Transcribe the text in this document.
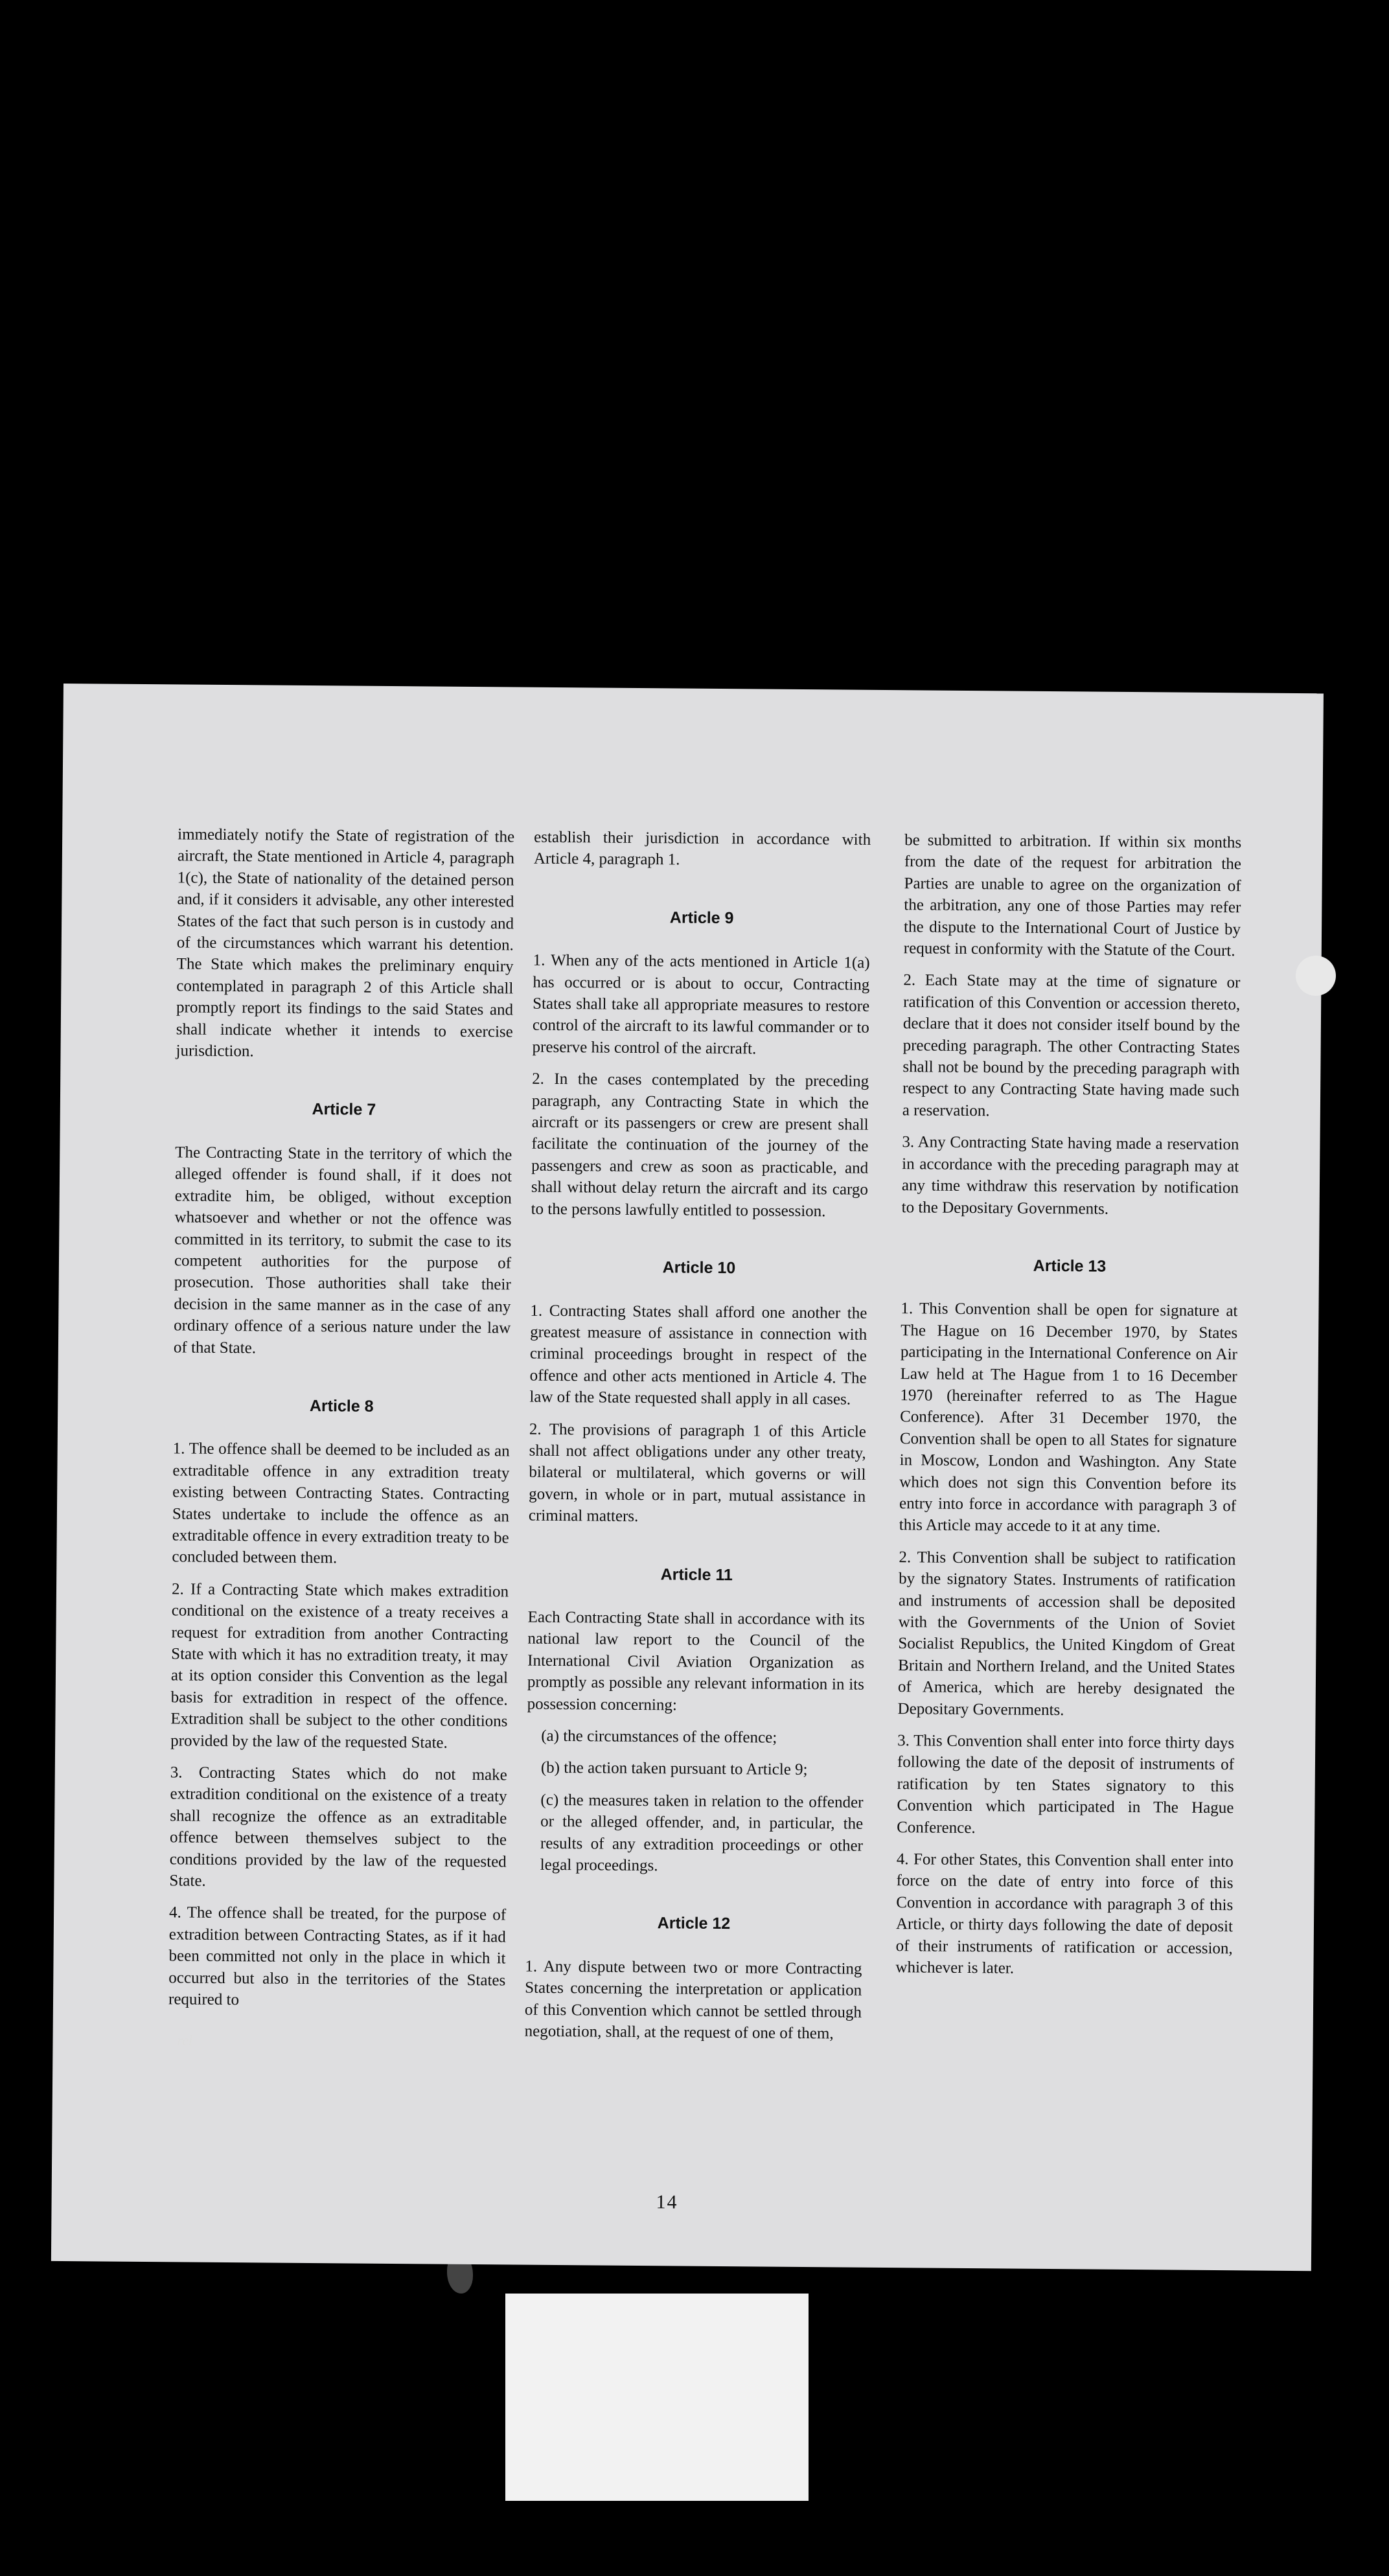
immediately notify the State of registration of the aircraft, the State mentioned in Article 4, paragraph 1(c), the State of nationality of the detained person and, if it considers it advisable, any other interested States of the fact that such person is in custody and of the circumstances which warrant his detention. The State which makes the preliminary enquiry contemplated in paragraph 2 of this Article shall promptly report its findings to the said States and shall indicate whether it intends to exercise jurisdiction.

Article 7

The Contracting State in the territory of which the alleged offender is found shall, if it does not extradite him, be obliged, without exception whatsoever and whether or not the offence was committed in its territory, to submit the case to its competent authorities for the purpose of prosecution. Those authorities shall take their decision in the same manner as in the case of any ordinary offence of a serious nature under the law of that State.

Article 8

1. The offence shall be deemed to be included as an extraditable offence in any extradition treaty existing between Contracting States. Contracting States undertake to include the offence as an extraditable offence in every extradition treaty to be concluded between them.

2. If a Contracting State which makes extradition conditional on the existence of a treaty receives a request for extradition from another Contracting State with which it has no extradition treaty, it may at its option consider this Convention as the legal basis for extradition in respect of the offence. Extradition shall be subject to the other conditions provided by the law of the requested State.

3. Contracting States which do not make extradition conditional on the existence of a treaty shall recognize the offence as an extraditable offence between themselves subject to the conditions provided by the law of the requested State.

4. The offence shall be treated, for the purpose of extradition between Contracting States, as if it had been committed not only in the place in which it occurred but also in the territories of the States required to

establish their jurisdiction in accordance with Article 4, paragraph 1.

Article 9

1. When any of the acts mentioned in Article 1(a) has occurred or is about to occur, Contracting States shall take all appropriate measures to restore control of the aircraft to its lawful commander or to preserve his control of the aircraft.

2. In the cases contemplated by the preceding paragraph, any Contracting State in which the aircraft or its passengers or crew are present shall facilitate the continuation of the journey of the passengers and crew as soon as practicable, and shall without delay return the aircraft and its cargo to the persons lawfully entitled to possession.

Article 10

1. Contracting States shall afford one another the greatest measure of assistance in connection with criminal proceedings brought in respect of the offence and other acts mentioned in Article 4. The law of the State requested shall apply in all cases.

2. The provisions of paragraph 1 of this Article shall not affect obligations under any other treaty, bilateral or multilateral, which governs or will govern, in whole or in part, mutual assistance in criminal matters.

Article 11

Each Contracting State shall in accordance with its national law report to the Council of the International Civil Aviation Organization as promptly as possible any relevant information in its possession concerning:

(a) the circumstances of the offence;

(b) the action taken pursuant to Article 9;

(c) the measures taken in relation to the offender or the alleged offender, and, in particular, the results of any extradition proceedings or other legal proceedings.

Article 12

1. Any dispute between two or more Contracting States concerning the interpretation or application of this Convention which cannot be settled through negotiation, shall, at the request of one of them,

be submitted to arbitration. If within six months from the date of the request for arbitration the Parties are unable to agree on the organization of the arbitration, any one of those Parties may refer the dispute to the International Court of Justice by request in conformity with the Statute of the Court.

2. Each State may at the time of signature or ratification of this Convention or accession thereto, declare that it does not consider itself bound by the preceding paragraph. The other Contracting States shall not be bound by the preceding paragraph with respect to any Contracting State having made such a reservation.

3. Any Contracting State having made a reservation in accordance with the preceding paragraph may at any time withdraw this reservation by notification to the Depositary Governments.

Article 13

1. This Convention shall be open for signature at The Hague on 16 December 1970, by States participating in the International Conference on Air Law held at The Hague from 1 to 16 December 1970 (hereinafter referred to as The Hague Conference). After 31 December 1970, the Convention shall be open to all States for signature in Moscow, London and Washington. Any State which does not sign this Convention before its entry into force in accordance with paragraph 3 of this Article may accede to it at any time.

2. This Convention shall be subject to ratification by the signatory States. Instruments of ratification and instruments of accession shall be deposited with the Governments of the Union of Soviet Socialist Republics, the United Kingdom of Great Britain and Northern Ireland, and the United States of America, which are hereby designated the Depositary Governments.

3. This Convention shall enter into force thirty days following the date of the deposit of instruments of ratification by ten States signatory to this Convention which participated in The Hague Conference.

4. For other States, this Convention shall enter into force on the date of entry into force of this Convention in accordance with paragraph 3 of this Article, or thirty days following the date of deposit of their instruments of ratification or accession, whichever is later.

14
rel
